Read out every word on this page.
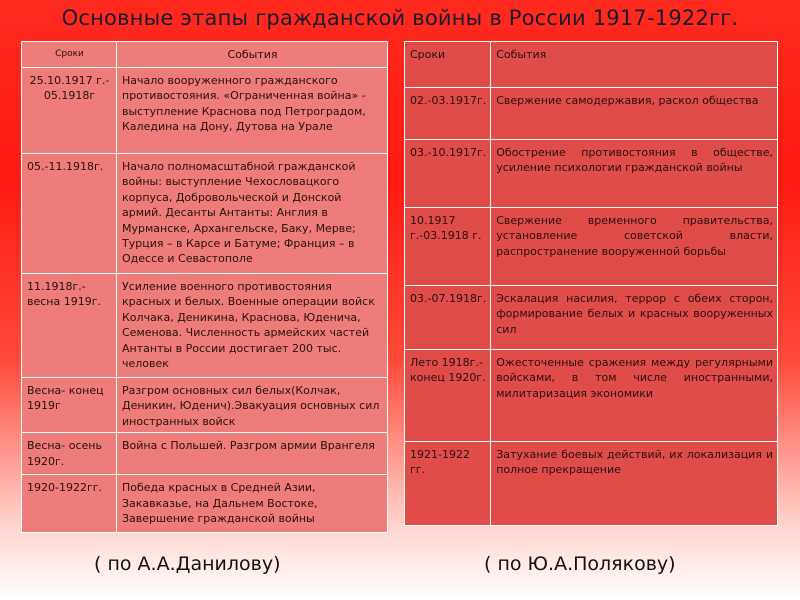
Основные этапы гражданской войны в России 1917-1922гг.
Сроки	События
25.10.1917 г.- 05.1918г	Начало вооруженного гражданского противостояния. «Ограниченная война» - выступление Краснова под Петроградом, Каледина на Дону, Дутова на Урале
05.-11.1918г.	Начало полномасштабной гражданской войны: выступление Чехословацкого корпуса, Добровольческой и Донской армий. Десанты Антанты: Англия в Мурманске, Архангельске, Баку, Мерве; Турция – в Карсе и Батуме; Франция – в Одессе и Севастополе
11.1918г.- весна 1919г.	Усиление военного противостояния красных и белых. Военные операции войск Колчака, Деникина, Краснова, Юденича, Семенова. Численность армейских частей Антанты в России достигает 200 тыс. человек
Весна- конец 1919г	Разгром основных сил белых(Колчак, Деникин, Юденич).Эвакуация основных сил иностранных войск
Весна- осень 1920г.	Война с Польшей. Разгром армии Врангеля
1920-1922гг.	Победа красных в Средней Азии, Закавказье, на Дальнем Востоке, Завершение гражданской войны
Сроки	События
02.-03.1917г.	Свержение самодержавия, раскол общества
03.-10.1917г.	Обострение противостояния в обществе, усиление психологии гражданской войны
10.1917 г.-03.1918 г.	Свержение временного правительства, установление советской власти, распространение вооруженной борьбы
03.-07.1918г.	Эскалация насилия, террор с обеих сторон, формирование белых и красных вооруженных сил
Лето 1918г.- конец 1920г.	Ожесточенные сражения между регулярными войсками, в том числе иностранными, милитаризация экономики
1921-1922 гг.	Затухание боевых действий, их локализация и полное прекращение
( по А.А.Данилову)	( по Ю.А.Полякову)
